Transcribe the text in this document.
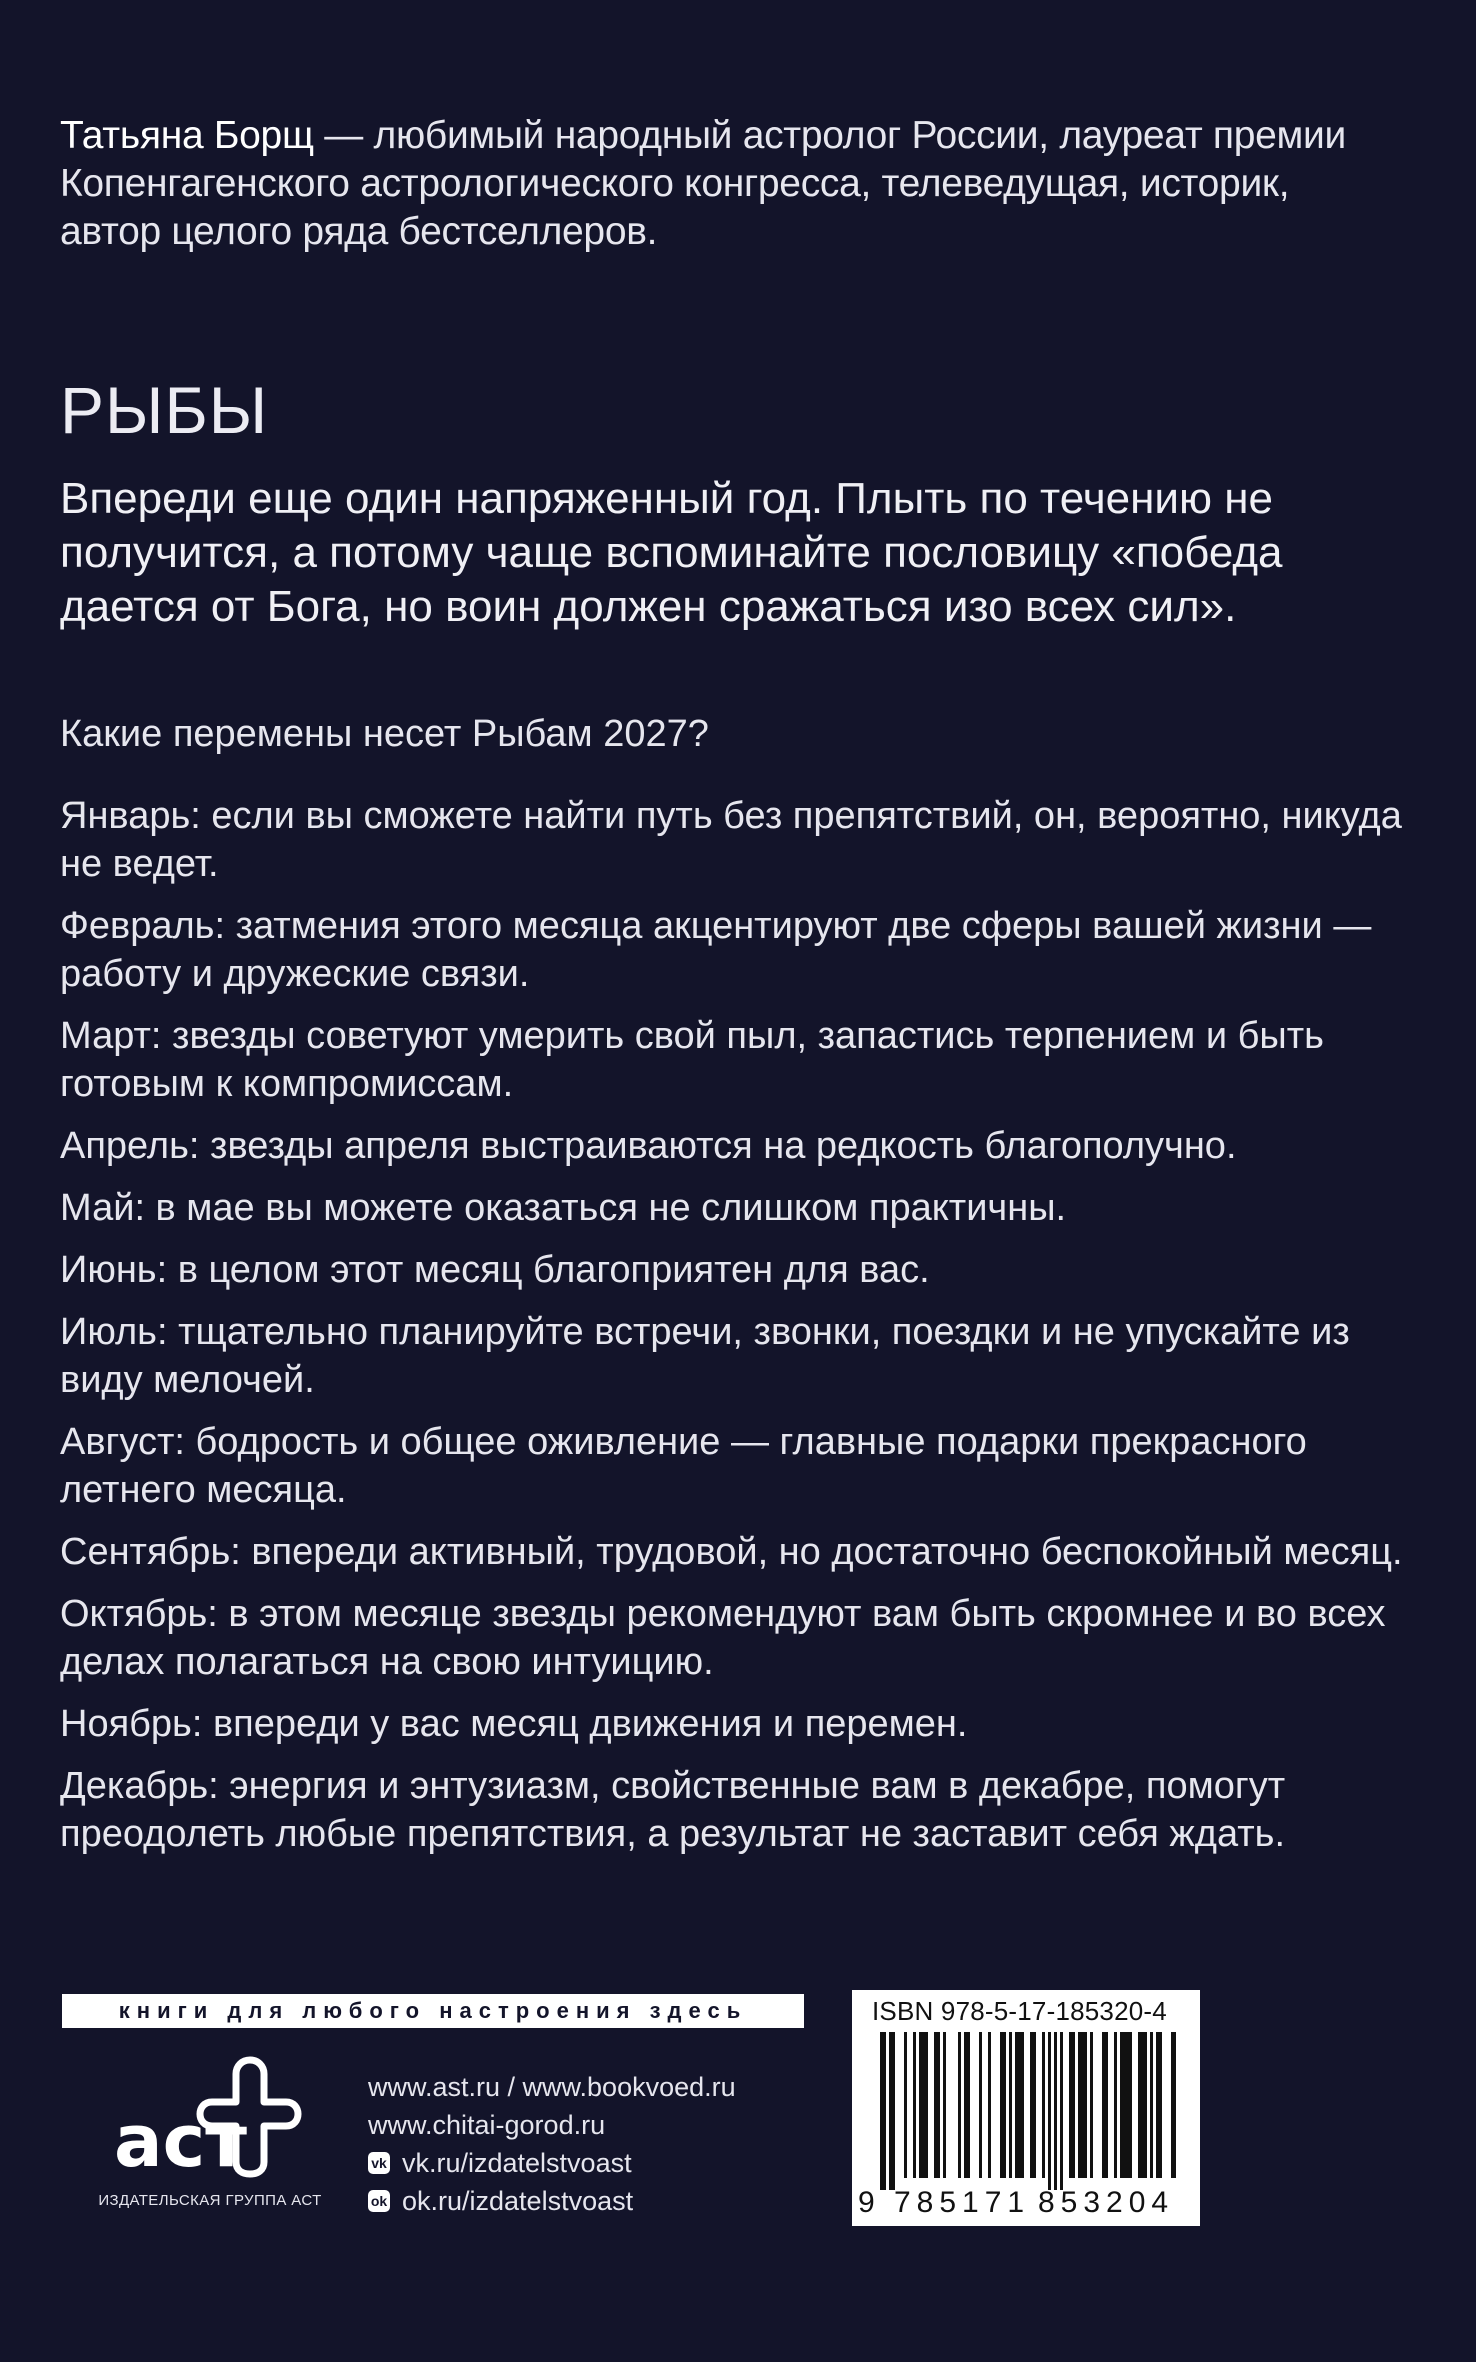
Татьяна Борщ — любимый народный астролог России, лауреат премии Копенгагенского астрологического конгресса, телеведущая, историк, автор целого ряда бестселлеров.
РЫБЫ
Впереди еще один напряженный год. Плыть по течению не получится, а потому чаще вспоминайте пословицу «победа дается от Бога, но воин должен сражаться изо всех сил».
Какие перемены несет Рыбам 2027?

Январь: если вы сможете найти путь без препятствий, он, вероятно, никуда не ведет.

Февраль: затмения этого месяца акцентируют две сферы вашей жизни — работу и дружеские связи.

Март: звезды советуют умерить свой пыл, запастись терпением и быть готовым к компромиссам.

Апрель: звезды апреля выстраиваются на редкость благополучно.

Май: в мае вы можете оказаться не слишком практичны.

Июнь: в целом этот месяц благоприятен для вас.

Июль: тщательно планируйте встречи, звонки, поездки и не упускайте из виду мелочей.

Август: бодрость и общее оживление — главные подарки прекрасного летнего месяца.

Сентябрь: впереди активный, трудовой, но достаточно беспокойный месяц.

Октябрь: в этом месяце звезды рекомендуют вам быть скромнее и во всех делах полагаться на свою интуицию.

Ноябрь: впереди у вас месяц движения и перемен.

Декабрь: энергия и энтузиазм, свойственные вам в декабре, помогут преодолеть любые препятствия, а результат не заставит себя ждать.

книги для любого настроения здесь
аст
ИЗДАТЕЛЬСКАЯ ГРУППА АСТ
www.ast.ru / www.bookvoed.ru
www.chitai-gorod.ru
vk vk.ru/izdatelstvoast
ok ok.ru/izdatelstvoast
ISBN 978-5-17-185320-4
9 785171 853204
